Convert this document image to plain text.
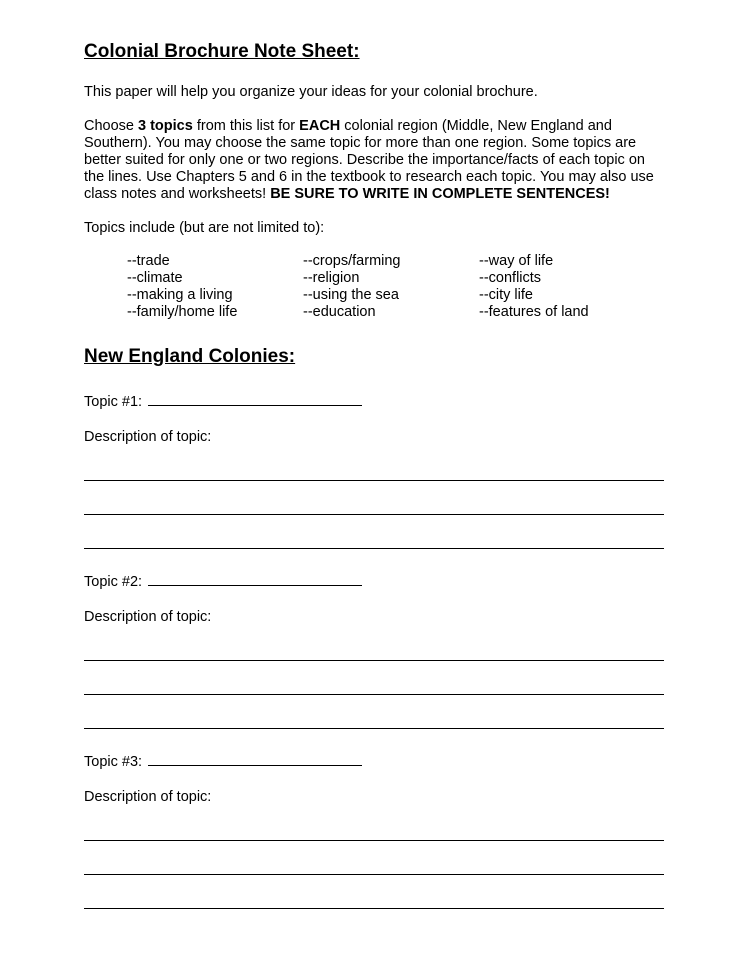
Colonial Brochure Note Sheet:

This paper will help you organize your ideas for your colonial brochure.

Choose 3 topics from this list for EACH colonial region (Middle, New England and Southern). You may choose the same topic for more than one region. Some topics are better suited for only one or two regions. Describe the importance/facts of each topic on the lines. Use Chapters 5 and 6 in the textbook to research each topic. You may also use class notes and worksheets! BE SURE TO WRITE IN COMPLETE SENTENCES!

Topics include (but are not limited to):

--trade
--climate
--making a living
--family/home life
--crops/farming
--religion
--using the sea
--education
--way of life
--conflicts
--city life
--features of land
New England Colonies:
Topic #1:
Description of topic:
Topic #2:
Description of topic:
Topic #3:
Description of topic:
